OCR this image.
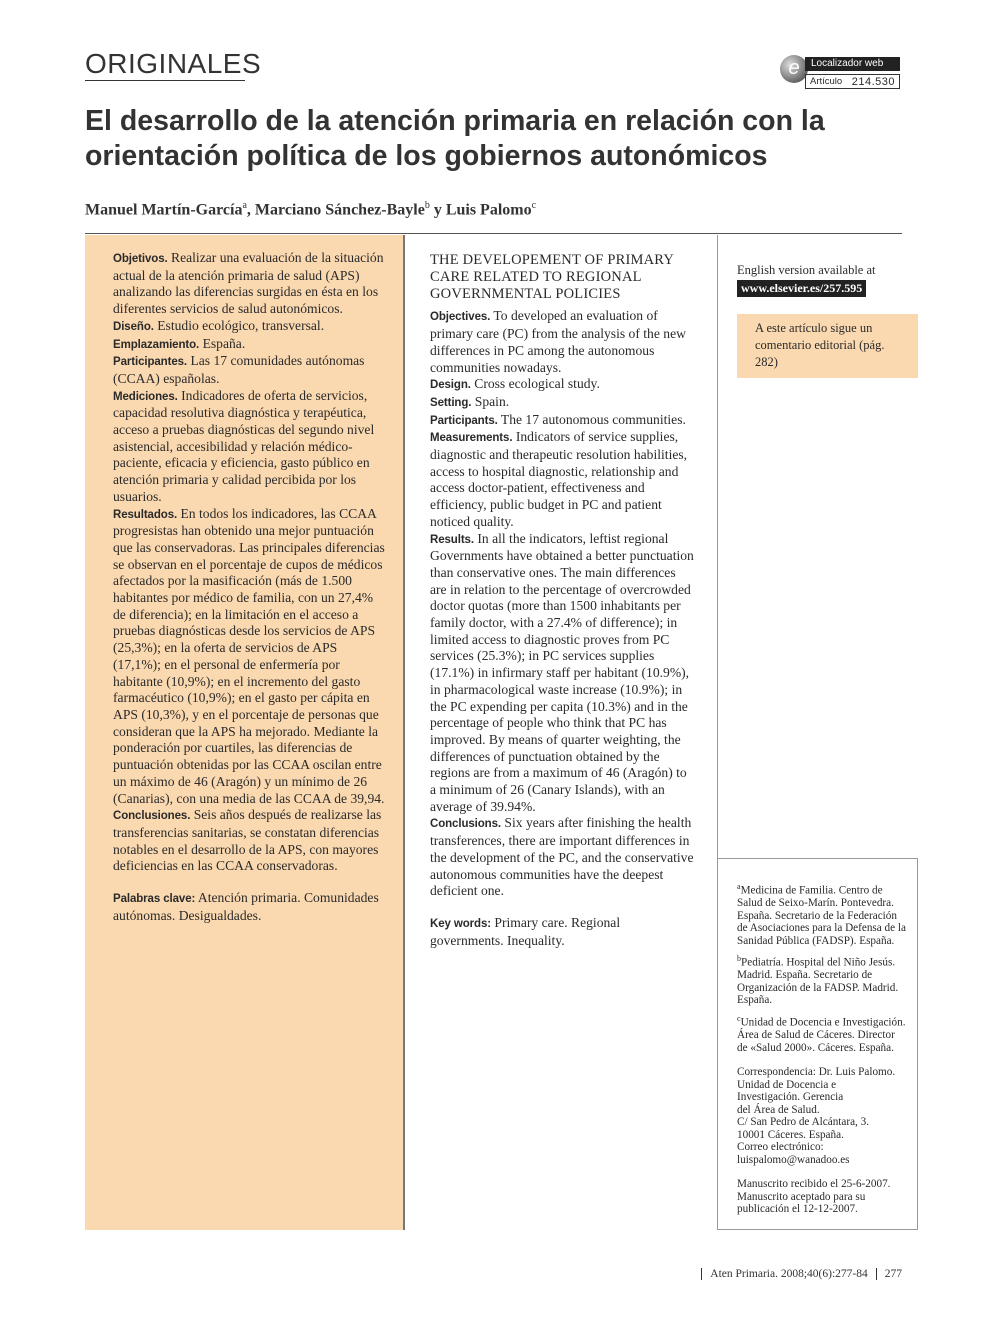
ORIGINALES	e	Localizador web
Artículo 214.530
El desarrollo de la atención primaria en relación con la orientación política de los gobiernos autonómicos
Manuel Martín-García$^a$, Marciano Sánchez-Bayle$^b$ y Luis Palomo$^c$

Objetivos. Realizar una evaluación de la situación actual de la atención primaria de salud (APS) analizando las diferencias surgidas en ésta en los diferentes servicios de salud autonómicos.

Diseño. Estudio ecológico, transversal.

Emplazamiento. España.

Participantes. Las 17 comunidades autónomas (CCAA) españolas.

Mediciones. Indicadores de oferta de servicios, capacidad resolutiva diagnóstica y terapéutica, acceso a pruebas diagnósticas del segundo nivel asistencial, accesibilidad y relación médico-paciente, eficacia y eficiencia, gasto público en atención primaria y calidad percibida por los usuarios.

Resultados. En todos los indicadores, las CCAA progresistas han obtenido una mejor puntuación que las conservadoras. Las principales diferencias se observan en el porcentaje de cupos de médicos afectados por la masificación (más de 1.500 habitantes por médico de familia, con un 27,4% de diferencia); en la limitación en el acceso a pruebas diagnósticas desde los servicios de APS (25,3%); en la oferta de servicios de APS (17,1%); en el personal de enfermería por habitante (10,9%); en el incremento del gasto farmacéutico (10,9%); en el gasto per cápita en APS (10,3%), y en el porcentaje de personas que consideran que la APS ha mejorado. Mediante la ponderación por cuartiles, las diferencias de puntuación obtenidas por las CCAA oscilan entre un máximo de 46 (Aragón) y un mínimo de 26 (Canarias), con una media de las CCAA de 39,94.

Conclusiones. Seis años después de realizarse las transferencias sanitarias, se constatan diferencias notables en el desarrollo de la APS, con mayores deficiencias en las CCAA conservadoras.

Palabras clave: Atención primaria. Comunidades autónomas. Desigualdades.

THE DEVELOPEMENT OF PRIMARY CARE RELATED TO REGIONAL GOVERNMENTAL POLICIES

Objectives. To developed an evaluation of primary care (PC) from the analysis of the new differences in PC among the autonomous communities nowadays.

Design. Cross ecological study.

Setting. Spain.

Participants. The 17 autonomous communities.

Measurements. Indicators of service supplies, diagnostic and therapeutic resolution habilities, access to hospital diagnostic, relationship and access doctor-patient, effectiveness and efficiency, public budget in PC and patient noticed quality.

Results. In all the indicators, leftist regional Governments have obtained a better punctuation than conservative ones. The main differences are in relation to the percentage of overcrowded doctor quotas (more than 1500 inhabitants per family doctor, with a 27.4% of difference); in limited access to diagnostic proves from PC services (25.3%); in PC services supplies (17.1%) in infirmary staff per habitant (10.9%), in pharmacological waste increase (10.9%); in the PC expending per capita (10.3%) and in the percentage of people who think that PC has improved. By means of quarter weighting, the differences of punctuation obtained by the regions are from a maximum of 46 (Aragón) to a minimum of 26 (Canary Islands), with an average of 39.94%.

Conclusions. Six years after finishing the health transferences, there are important differences in the development of the PC, and the conservative autonomous communities have the deepest deficient one.

Key words: Primary care. Regional governments. Inequality.

English version available at
www.elsevier.es/257.595
A este artículo sigue un comentario editorial (pág. 282)

$^a$Medicina de Familia. Centro de Salud de Seixo-Marín. Pontevedra. España. Secretario de la Federación de Asociaciones para la Defensa de la Sanidad Pública (FADSP). España.

$^b$Pediatría. Hospital del Niño Jesús. Madrid. España. Secretario de Organización de la FADSP. Madrid. España.

$^c$Unidad de Docencia e Investigación. Área de Salud de Cáceres. Director de «Salud 2000». Cáceres. España.

Correspondencia: Dr. Luis Palomo.
Unidad de Docencia e
Investigación. Gerencia
del Área de Salud.
C/ San Pedro de Alcántara, 3.
10001 Cáceres. España.
Correo electrónico:
luispalomo@wanadoo.es

Manuscrito recibido el 25-6-2007.
Manuscrito aceptado para su
publicación el 12-12-2007.

Aten Primaria. 2008;40(6):277-84 277
